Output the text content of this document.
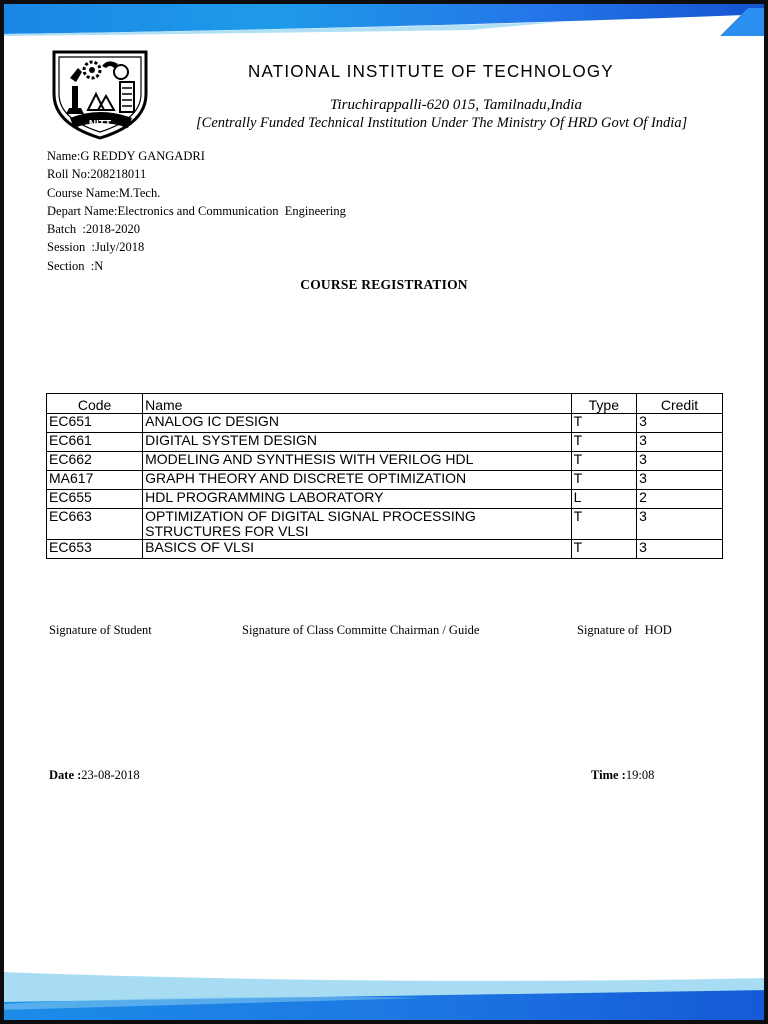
NITT
NATIONAL INSTITUTE OF TECHNOLOGY
Tiruchirappalli-620 015, Tamilnadu,India
[Centrally Funded Technical Institution Under The Ministry Of HRD Govt Of India]
Name:G REDDY GANGADRI
Roll No:208218011
Course Name:M.Tech.
Depart Name:Electronics and Communication  Engineering
Batch  :2018-2020
Session  :July/2018
Section  :N
COURSE REGISTRATION
Code	Name	Type	Credit
EC651	ANALOG IC DESIGN	T	3
EC661	DIGITAL SYSTEM DESIGN	T	3
EC662	MODELING AND SYNTHESIS WITH VERILOG HDL	T	3
MA617	GRAPH THEORY AND DISCRETE OPTIMIZATION	T	3
EC655	HDL PROGRAMMING LABORATORY	L	2
EC663	OPTIMIZATION OF DIGITAL SIGNAL PROCESSING STRUCTURES FOR VLSI	T	3
EC653	BASICS OF VLSI	T	3
Signature of Student	Signature of Class Committe Chairman / Guide	Signature of  HOD
Date :23-08-2018	Time :19:08
